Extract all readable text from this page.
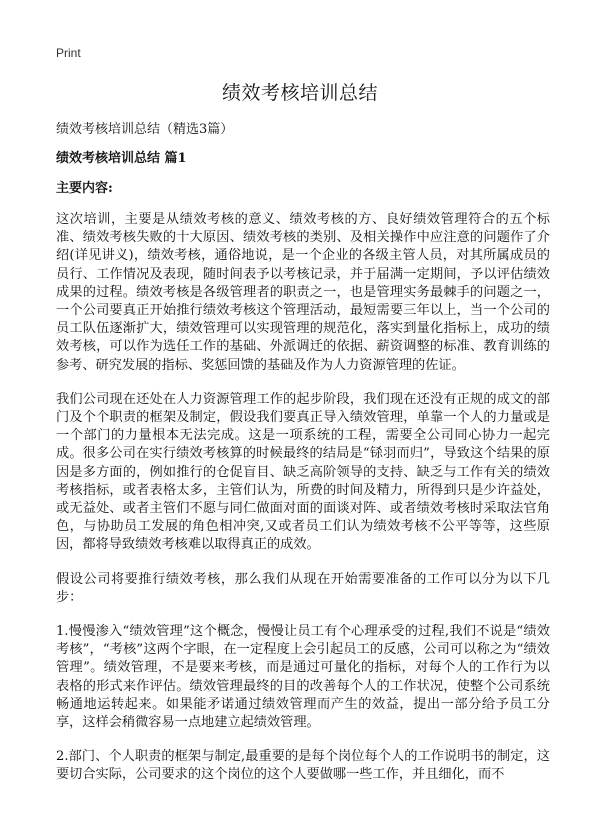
Print
绩效考核培训总结
绩效考核培训总结（精选3篇）
绩效考核培训总结 篇1
主要内容:

这次培训，主要是从绩效考核的意义、绩效考核的方、良好绩效管理符合的五个标准、绩效考核失败的十大原因、绩效考核的类别、及相关操作中应注意的问题作了介绍(详见讲义)，绩效考核，通俗地说，是一个企业的各级主管人员，对其所属成员的员行、工作情况及表现，随时间表予以考核记录，并于届满一定期间，予以评估绩效成果的过程。绩效考核是各级管理者的职责之一，也是管理实务最棘手的问题之一，一个公司要真正开始推行绩效考核这个管理活动，最短需要三年以上，当一个公司的员工队伍逐渐扩大，绩效管理可以实现管理的规范化，落实到量化指标上，成功的绩效考核，可以作为选任工作的基础、外派调迁的依据、薪资调整的标准、教育训练的参考、研究发展的指标、奖惩回馈的基础及作为人力资源管理的佐证。

我们公司现在还处在人力资源管理工作的起步阶段，我们现在还没有正规的成文的部门及个个职责的框架及制定，假设我们要真正导入绩效管理，单靠一个人的力量或是一个部门的力量根本无法完成。这是一项系统的工程，需要全公司同心协力一起完成。很多公司在实行绩效考核算的时候最终的结局是“铩羽而归”，导致这个结果的原因是多方面的，例如推行的仓促盲目、缺乏高阶领导的支持、缺乏与工作有关的绩效考核指标，或者表格太多，主管们认为，所费的时间及精力，所得到只是少许益处，或无益处、或者主管们不愿与同仁做面对面的面谈对阵、或者绩效考核时采取法官角色，与协助员工发展的角色相冲突,又或者员工们认为绩效考核不公平等等，这些原因，都将导致绩效考核难以取得真正的成效。

假设公司将要推行绩效考核，那么我们从现在开始需要准备的工作可以分为以下几步：

1.慢慢渗入“绩效管理”这个概念，慢慢让员工有个心理承受的过程,我们不说是“绩效考核”，“考核”这两个字眼，在一定程度上会引起员工的反感，公司可以称之为“绩效管理”。绩效管理，不是要来考核，而是通过可量化的指标，对每个人的工作行为以表格的形式来作评估。绩效管理最终的目的改善每个人的工作状况，使整个公司系统畅通地运转起来。如果能矛诺通过绩效管理而产生的效益，提出一部分给予员工分享，这样会稍微容易一点地建立起绩效管理。

2.部门、个人职责的框架与制定,最重要的是每个岗位每个人的工作说明书的制定，这要切合实际，公司要求的这个岗位的这个人要做哪一些工作，并且细化，而不
